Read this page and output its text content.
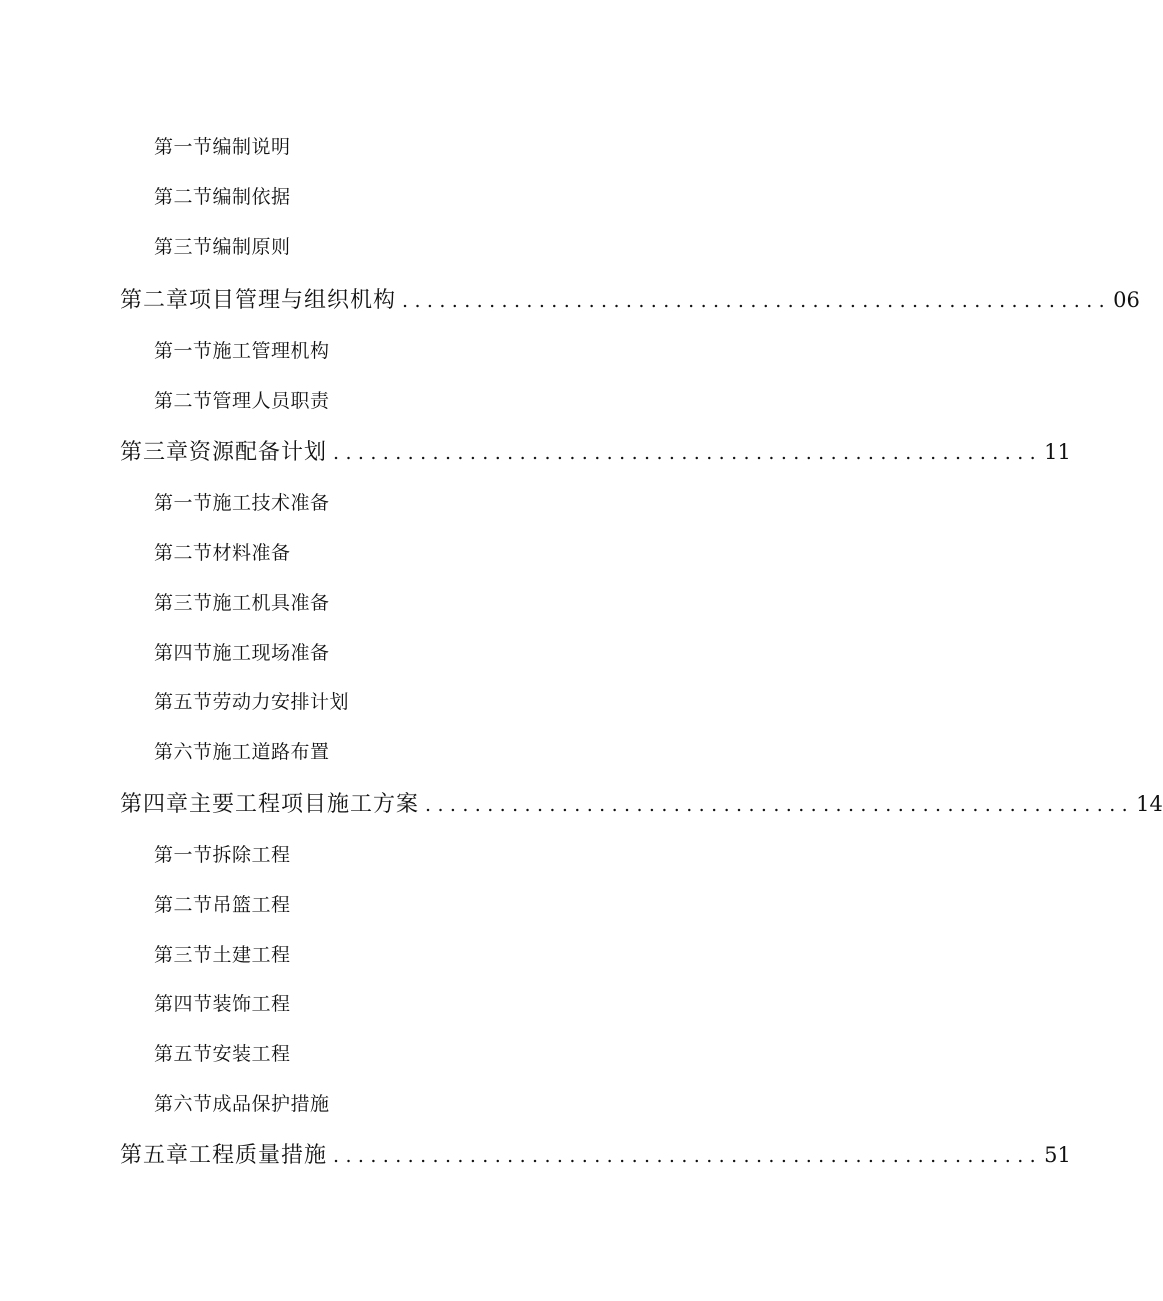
第一节编制说明
第二节编制依据
第三节编制原则
第二章项目管理与组织机构 ......................................................... 06
第一节施工管理机构
第二节管理人员职责
第三章资源配备计划 ......................................................... 11
第一节施工技术准备
第二节材料准备
第三节施工机具准备
第四节施工现场准备
第五节劳动力安排计划
第六节施工道路布置
第四章主要工程项目施工方案 ......................................................... 14
第一节拆除工程
第二节吊篮工程
第三节土建工程
第四节装饰工程
第五节安装工程
第六节成品保护措施
第五章工程质量措施 ......................................................... 51
